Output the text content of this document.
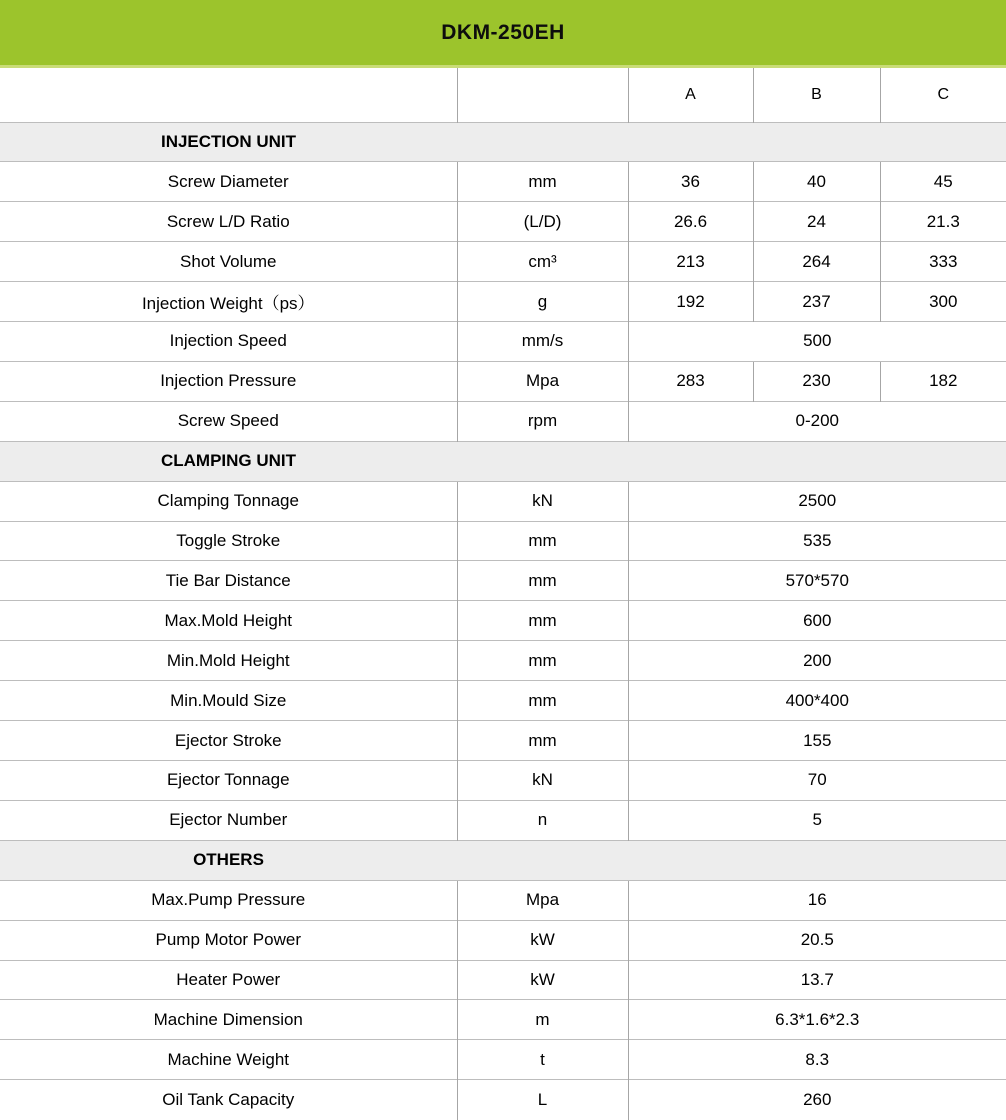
DKM-250EH
		A	B	C

INJECTION UNIT				

Screw Diameter	mm	36	40	45
Screw L/D Ratio	(L/D)	26.6	24	21.3
Shot Volume	cm³	213	264	333
Injection Weight（ps）	g	192	237	300
Injection Speed	mm/s	500		
Injection Pressure	Mpa	283	230	182
Screw Speed	rpm	0-200		

CLAMPING UNIT				

Clamping Tonnage	kN	2500		
Toggle Stroke	mm	535		
Tie Bar Distance	mm	570*570		
Max.Mold Height	mm	600		
Min.Mold Height	mm	200		
Min.Mould Size	mm	400*400		
Ejector Stroke	mm	155		
Ejector Tonnage	kN	70		
Ejector Number	n	5		

OTHERS				

Max.Pump Pressure	Mpa	16		
Pump Motor Power	kW	20.5		
Heater Power	kW	13.7		
Machine Dimension	m	6.3*1.6*2.3		
Machine Weight	t	8.3		
Oil Tank Capacity	L	260		
